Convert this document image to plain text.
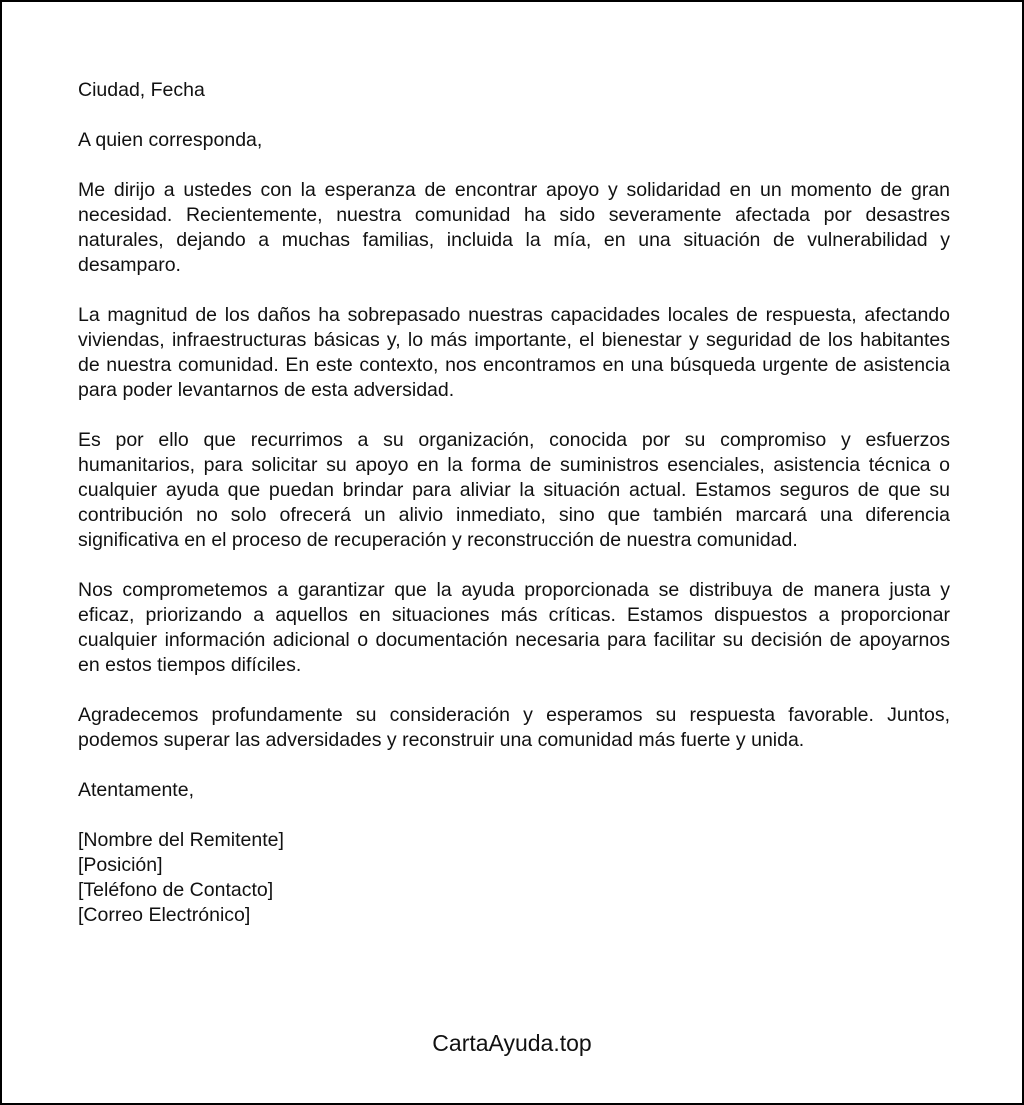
Ciudad, Fecha

A quien corresponda,

Me dirijo a ustedes con la esperanza de encontrar apoyo y solidaridad en un momento de gran necesidad. Recientemente, nuestra comunidad ha sido severamente afectada por desastres naturales, dejando a muchas familias, incluida la mía, en una situación de vulnerabilidad y desamparo.

La magnitud de los daños ha sobrepasado nuestras capacidades locales de respuesta, afectando viviendas, infraestructuras básicas y, lo más importante, el bienestar y seguridad de los habitantes de nuestra comunidad. En este contexto, nos encontramos en una búsqueda urgente de asistencia para poder levantarnos de esta adversidad.

Es por ello que recurrimos a su organización, conocida por su compromiso y esfuerzos humanitarios, para solicitar su apoyo en la forma de suministros esenciales, asistencia técnica o cualquier ayuda que puedan brindar para aliviar la situación actual. Estamos seguros de que su contribución no solo ofrecerá un alivio inmediato, sino que también marcará una diferencia significativa en el proceso de recuperación y reconstrucción de nuestra comunidad.

Nos comprometemos a garantizar que la ayuda proporcionada se distribuya de manera justa y eficaz, priorizando a aquellos en situaciones más críticas. Estamos dispuestos a proporcionar cualquier información adicional o documentación necesaria para facilitar su decisión de apoyarnos en estos tiempos difíciles.

Agradecemos profundamente su consideración y esperamos su respuesta favorable. Juntos, podemos superar las adversidades y reconstruir una comunidad más fuerte y unida.

Atentamente,

[Nombre del Remitente]
[Posición]
[Teléfono de Contacto]
[Correo Electrónico]
CartaAyuda.top
